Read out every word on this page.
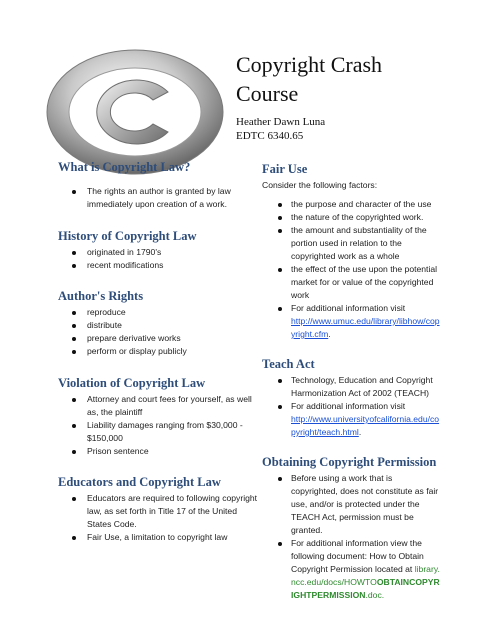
Copyright Crash
Course
Heather Dawn Luna
EDTC 6340.65
What is Copyright Law?
The rights an author is granted by law immediately upon creation of a work.
History of Copyright Law
originated in 1790's
recent modifications
Author's Rights
reproduce
distribute
prepare derivative works
perform or display publicly
Violation of Copyright Law
Attorney and court fees for yourself, as well as, the plaintiff
Liability damages ranging from $30,000 - $150,000
Prison sentence
Educators and Copyright Law
Educators are required to following copyright law, as set forth in Title 17 of the United States Code.
Fair Use, a limitation to copyright law
Fair Use
Consider the following factors:
the purpose and character of the use
the nature of the copyrighted work.
the amount and substantiality of the portion used in relation to the copyrighted work as a whole
the effect of the use upon the potential market for or value of the copyrighted work
For additional information visit
http://www.umuc.edu/library/libhow/copyright.cfm.
Teach Act
Technology, Education and Copyright Harmonization Act of 2002 (TEACH)
For additional information visit
http://www.universityofcalifornia.edu/copyright/teach.html.
Obtaining Copyright Permission
Before using a work that is copyrighted, does not constitute as fair use, and/or is protected under the TEACH Act, permission must be granted.
For additional information view the following document: How to Obtain Copyright Permission located at library.ncc.edu/docs/HOWTOOBTAINCOPYRIGHTPERMISSION.doc.
